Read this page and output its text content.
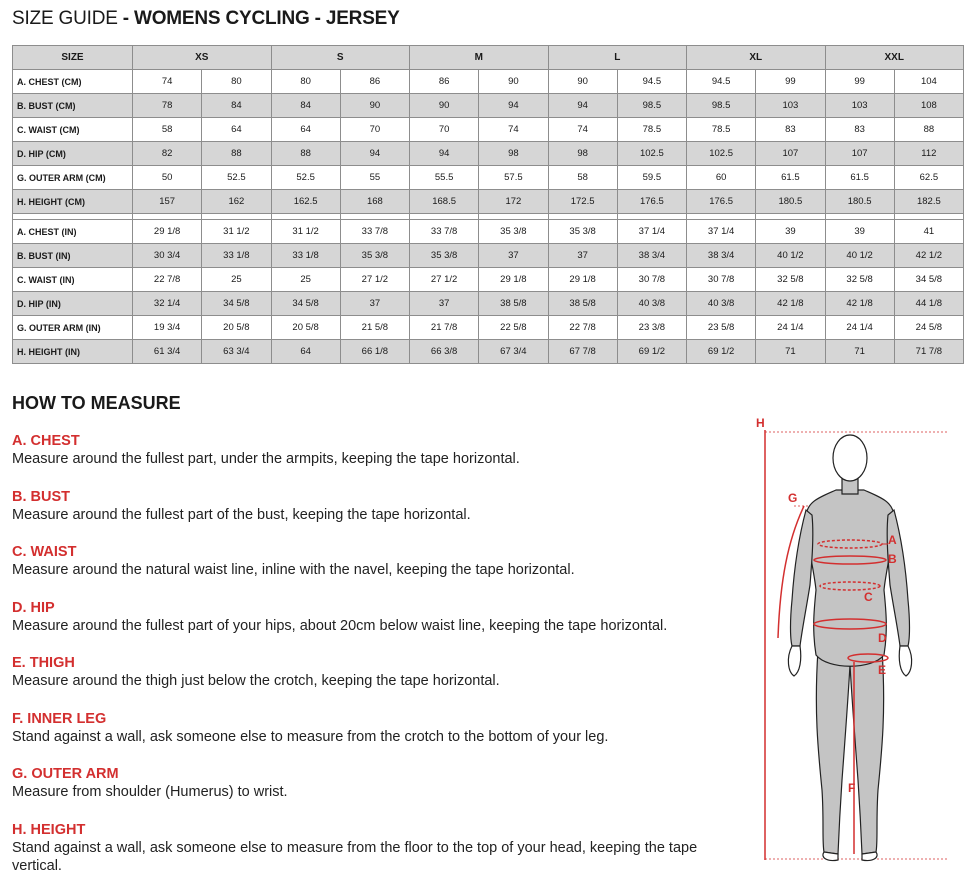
SIZE GUIDE - WOMENS CYCLING - JERSEY
SIZE	XS		S		M		L		XL		XXL	
A. CHEST (CM)	74	80	80	86	86	90	90	94.5	94.5	99	99	104
B. BUST (CM)	78	84	84	90	90	94	94	98.5	98.5	103	103	108
C. WAIST (CM)	58	64	64	70	70	74	74	78.5	78.5	83	83	88
D. HIP (CM)	82	88	88	94	94	98	98	102.5	102.5	107	107	112
G. OUTER ARM (CM)	50	52.5	52.5	55	55.5	57.5	58	59.5	60	61.5	61.5	62.5
H. HEIGHT (CM)	157	162	162.5	168	168.5	172	172.5	176.5	176.5	180.5	180.5	182.5

A. CHEST (IN)	29 1/8	31 1/2	31 1/2	33 7/8	33 7/8	35 3/8	35 3/8	37 1/4	37 1/4	39	39	41
B. BUST (IN)	30 3/4	33 1/8	33 1/8	35 3/8	35 3/8	37	37	38 3/4	38 3/4	40 1/2	40 1/2	42 1/2
C. WAIST (IN)	22 7/8	25	25	27 1/2	27 1/2	29 1/8	29 1/8	30 7/8	30 7/8	32 5/8	32 5/8	34 5/8
D. HIP (IN)	32 1/4	34 5/8	34 5/8	37	37	38 5/8	38 5/8	40 3/8	40 3/8	42 1/8	42 1/8	44 1/8
G. OUTER ARM (IN)	19 3/4	20 5/8	20 5/8	21 5/8	21 7/8	22 5/8	22 7/8	23 3/8	23 5/8	24 1/4	24 1/4	24 5/8
H. HEIGHT (IN)	61 3/4	63 3/4	64	66 1/8	66 3/8	67 3/4	67 7/8	69 1/2	69 1/2	71	71	71 7/8
HOW TO MEASURE
A. CHEST
Measure around the fullest part, under the armpits, keeping the tape horizontal.
B. BUST
Measure around the fullest part of the bust, keeping the tape horizontal.
C. WAIST
Measure around the natural waist line, inline with the navel, keeping the tape horizontal.
D. HIP
Measure around the fullest part of your hips, about 20cm below waist line, keeping the tape horizontal.
E. THIGH
Measure around the thigh just below the crotch, keeping the tape horizontal.
F. INNER LEG
Stand against a wall, ask someone else to measure from the crotch to the bottom of your leg.
G. OUTER ARM
Measure from shoulder (Humerus) to wrist.
H. HEIGHT
Stand against a wall, ask someone else to measure from the floor to the top of your head, keeping the tape vertical.
H
G
A
B
C
D
E
F
